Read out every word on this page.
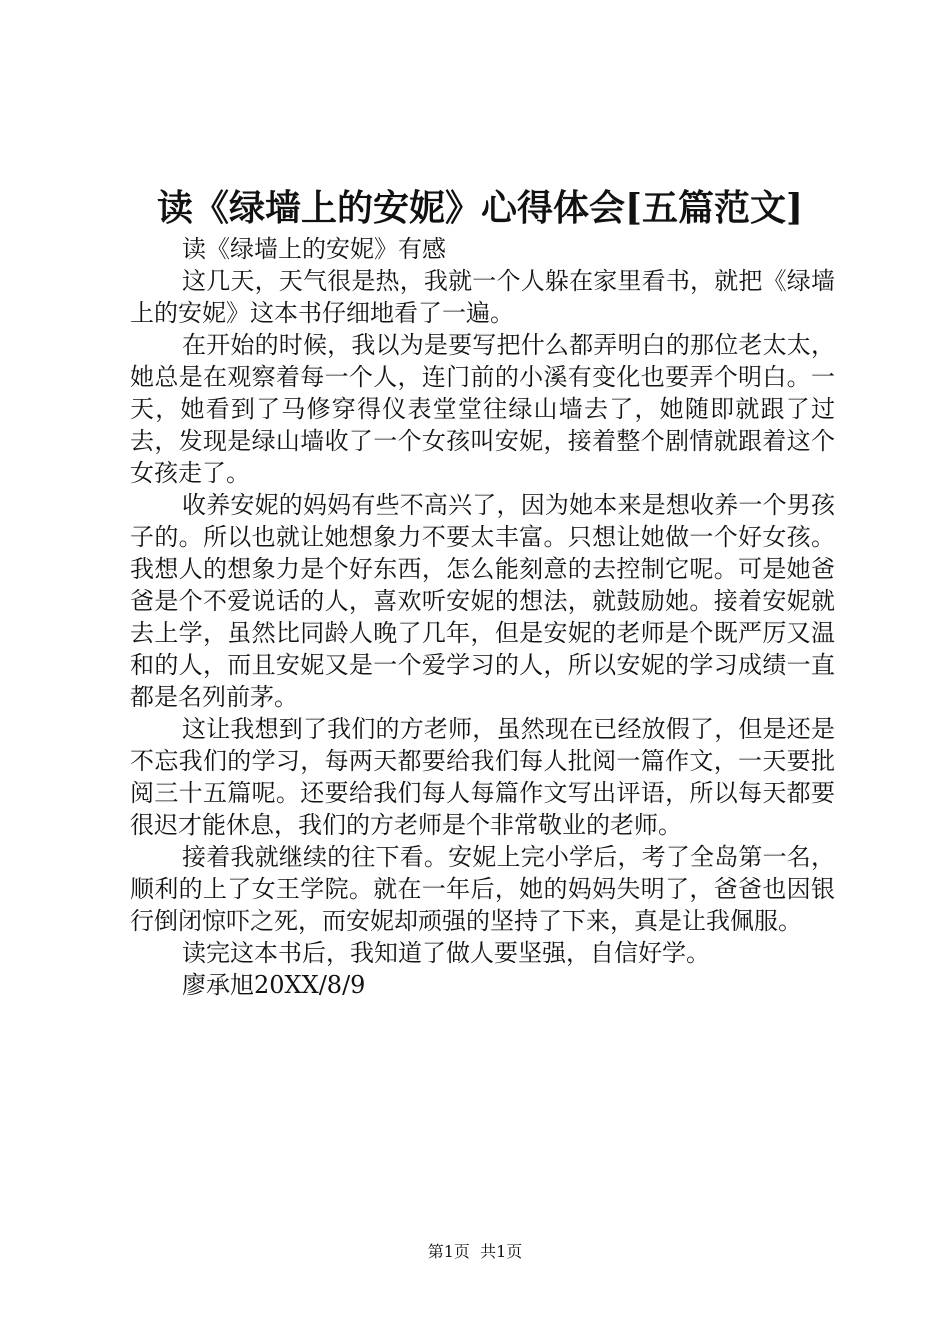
读《绿墙上的安妮》心得体会[五篇范文]

读《绿墙上的安妮》有感

这几天，天气很是热，我就一个人躲在家里看书，就把《绿墙上的安妮》这本书仔细地看了一遍。

在开始的时候，我以为是要写把什么都弄明白的那位老太太，她总是在观察着每一个人，连门前的小溪有变化也要弄个明白。一天，她看到了马修穿得仪表堂堂往绿山墙去了，她随即就跟了过去，发现是绿山墙收了一个女孩叫安妮，接着整个剧情就跟着这个女孩走了。

收养安妮的妈妈有些不高兴了，因为她本来是想收养一个男孩子的。所以也就让她想象力不要太丰富。只想让她做一个好女孩。我想人的想象力是个好东西，怎么能刻意的去控制它呢。可是她爸爸是个不爱说话的人，喜欢听安妮的想法，就鼓励她。接着安妮就去上学，虽然比同龄人晚了几年，但是安妮的老师是个既严厉又温和的人，而且安妮又是一个爱学习的人，所以安妮的学习成绩一直都是名列前茅。

这让我想到了我们的方老师，虽然现在已经放假了，但是还是不忘我们的学习，每两天都要给我们每人批阅一篇作文，一天要批阅三十五篇呢。还要给我们每人每篇作文写出评语，所以每天都要很迟才能休息，我们的方老师是个非常敬业的老师。

接着我就继续的往下看。安妮上完小学后，考了全岛第一名，顺利的上了女王学院。就在一年后，她的妈妈失明了，爸爸也因银行倒闭惊吓之死，而安妮却顽强的坚持了下来，真是让我佩服。

读完这本书后，我知道了做人要坚强，自信好学。

廖承旭20XX/8/9

第1页  共1页
